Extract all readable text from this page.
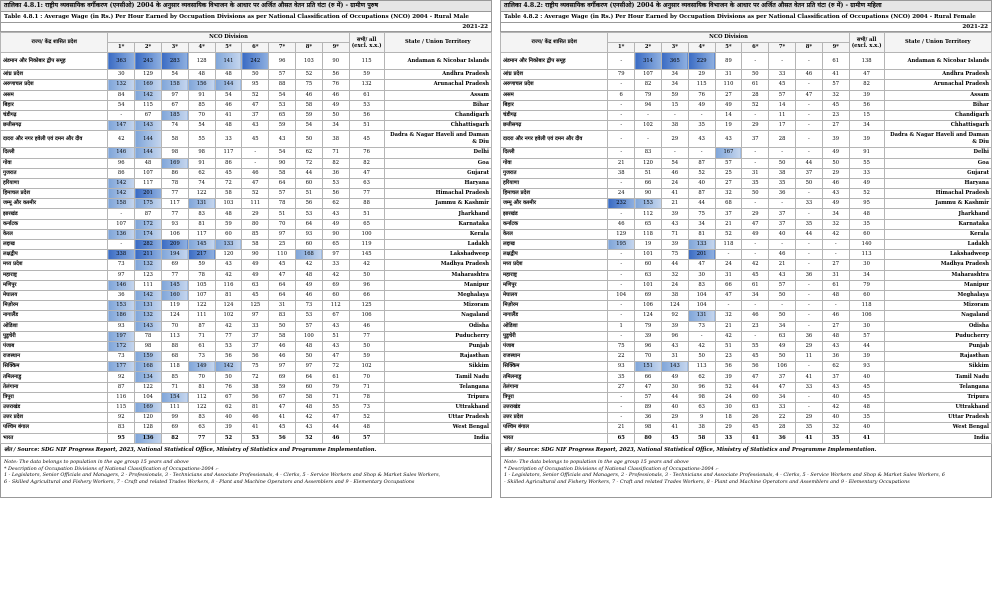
तालिका 4.8.1: राष्ट्रीय व्यवसायिक वर्गीकरण (एनसीओ) 2004 के अनुसार व्यवसायिक विभाजन के आधार पर अर्जित औसत वेतन प्रति घंटा (रु में) - ग्रामीण पुरुष
Table 4.8.1 : Average Wage (in Rs.) Per Hour Earned by Occupation Divisions as per National Classification of Occupations (NCO) 2004 - Rural Male
2021-22
राज्य/ केंद्र शासित प्रदेश	NCO Division									सभी/ all (excl. x.x.)	State / Union Territory
	1*	2*	3*	4*	5*	6*	7*	8*	9*		
अंडमान और निकोबार द्वीप समूह	363	243	283	128	141	242	96	103	90	115	Andaman & Nicobar Islands
आंध्र प्रदेश	30	129	54	48	48	50	57	52	56	59	Andhra Pradesh
अरुणाचल प्रदेश	132	169	158	156	144	95	88	75	76	132	Arunachal Pradesh
असम	84	142	97	91	54	52	54	46	46	61	Assam
बिहार	54	115	67	85	46	47	53	58	49	53	Bihar
चंडीगढ़	-	67	185	70	41	37	65	59	50	56	Chandigarh
छत्तीसगढ़	147	143	74	54	48	43	59	54	34	51	Chhattisgarh
दादरा और नगर हवेली एवं दमन और दीव	42	144	58	55	33	45	43	50	38	45	Dadra & Nagar Haveli and Daman & Diu
दिल्ली	146	144	98	98	117	-	54	62	71	76	Delhi
गोवा	96	48	169	91	86	-	90	72	82	82	Goa
गुजरात	86	107	86	62	45	46	58	44	36	47	Gujarat
हरियाणा	142	117	78	74	72	47	64	60	53	63	Haryana
हिमाचल प्रदेश	142	201	77	122	58	52	57	51	56	77	Himachal Pradesh
जम्मू और कश्मीर	158	175	117	131	103	111	78	56	62	88	Jammu & Kashmir
झारखंड	-	87	77	83	48	29	51	53	43	51	Jharkhand
कर्नाटक	107	172	93	81	59	80	70	64	49	65	Karnataka
केरल	136	174	106	117	60	85	97	93	90	100	Kerala
लद्दाख	-	282	209	145	133	58	25	60	65	119	Ladakh
लक्षद्वीप	338	211	194	217	120	90	110	168	97	145	Lakshadweep
मध्य प्रदेश	73	132	69	59	43	49	45	42	33	42	Madhya Pradesh
महाराष्ट्र	97	123	77	78	42	49	47	48	42	50	Maharashtra
मणिपुर	146	111	145	105	116	63	64	49	69	96	Manipur
मेघालय	36	142	160	107	81	45	64	46	60	66	Meghalaya
मिज़ोरम	153	131	119	122	124	125	31	73	112	125	Mizoram
नागालैंड	186	132	124	111	102	97	83	53	67	106	Nagaland
ओडिशा	93	143	70	87	42	33	50	57	43	46	Odisha
पुडुचेरी	197	78	113	71	77	37	58	100	51	77	Puducherry
पंजाब	172	98	88	61	53	37	46	48	43	50	Punjab
राजस्थान	73	159	68	73	56	56	46	50	47	59	Rajasthan
सिक्किम	177	168	118	149	142	75	97	97	72	102	Sikkim
तमिलनाडु	92	134	85	70	50	72	69	64	61	70	Tamil Nadu
तेलंगाना	87	122	71	81	76	38	59	60	79	71	Telangana
त्रिपुरा	116	104	154	112	67	56	67	58	71	78	Tripura
उत्तराखंड	115	169	111	122	62	81	47	48	55	73	Uttrakhand
उत्तर प्रदेश	92	120	99	83	40	46	41	42	47	52	Uttar Pradesh
पश्चिम बंगाल	83	128	69	63	39	41	45	43	44	48	West Bengal
भारत	95	136	82	77	52	53	56	52	46	57	India
स्रोत / Source: SDG NIF Progress Report, 2023, National Statistical Office, Ministry of Statistics and Programme Implementation.
Note: The data belongs to population in the age group 15 years and above
* Description of Occupation Divisions of National Classification of Occupations-2004 :-
1 - Legislators, Senior Officials and Managers, 2 - Professionals, 3 - Technicians and Associate Professionals, 4 - Clerks, 5 - Service Workers and Shop & Market Sales Workers,
6 - Skilled Agricultural and Fishery Workers, 7 - Craft and related Trades Workers, 8 - Plant and Machine Operators and Assemblers and 9 - Elementary Occupations
तालिका 4.8.2: राष्ट्रीय व्यवसायिक वर्गीकरण (एनसीओ) 2004 के अनुसार व्यवसायिक विभाजन के आधार पर अर्जित औसत वेतन प्रति घंटा (रु में) - ग्रामीण महिला
Table 4.8.2 : Average Wage (in Rs.) Per Hour Earned by Occupation Divisions as per National Classification of Occupations (NCO) 2004 - Rural Female
2021-22
राज्य/ केंद्र शासित प्रदेश	NCO Division									सभी/ all (excl. x.x.)	State / Union Territory
	1*	2*	3*	4*	5*	6*	7*	8*	9*		
अंडमान और निकोबार द्वीप समूह	-	314	365	229	89	-	-	-	61	138	Andaman & Nicobar Islands
आंध्र प्रदेश	79	107	34	29	31	50	33	46	41	47	Andhra Pradesh
अरुणाचल प्रदेश	-	82	34	115	110	61	45	-	57	82	Arunachal Pradesh
असम	6	79	59	76	27	28	57	47	32	39	Assam
बिहार	-	94	15	49	49	52	14	-	45	56	Bihar
चंडीगढ़	-	-	-	-	14	-	11	-	23	15	Chandigarh
छत्तीसगढ़	-	102	38	35	19	29	17	-	27	34	Chhattisgarh
दादरा और नगर हवेली एवं दमन और दीव	-	-	29	43	43	37	28	-	39	39	Dadra & Nagar Haveli and Daman & Diu
दिल्ली	-	83	-	-	167	-	-	-	49	91	Delhi
गोवा	21	120	54	87	57	-	50	44	50	55	Goa
गुजरात	38	51	46	52	25	31	38	37	29	33	Gujarat
हरियाणा	-	66	24	40	27	35	35	50	46	49	Haryana
हिमाचल प्रदेश	24	90	41	87	32	50	36	-	43	52	Himachal Pradesh
जम्मू और कश्मीर	232	153	21	44	68	-	-	33	49	95	Jammu & Kashmir
झारखंड	-	112	39	75	37	29	37	-	34	48	Jharkhand
कर्नाटक	46	65	43	34	21	47	37	35	32	35	Karnataka
केरल	129	118	71	81	52	49	40	44	42	60	Kerala
लद्दाख	195	19	39	133	118	-	-	-	-	140	Ladakh
लक्षद्वीप	-	101	75	201	-	-	46	-	-	113	Lakshadweep
मध्य प्रदेश	-	60	44	47	24	42	21	-	27	30	Madhya Pradesh
महाराष्ट्र	-	63	32	30	31	45	43	36	31	34	Maharashtra
मणिपुर	-	101	24	83	66	61	57	-	61	79	Manipur
मेघालय	104	69	38	104	47	34	50	-	48	60	Meghalaya
मिज़ोरम	-	106	124	104	-	-	-	-	-	118	Mizoram
नागालैंड	-	124	92	131	32	46	50	-	46	106	Nagaland
ओडिशा	1	79	39	73	21	23	34	-	27	30	Odisha
पुडुचेरी	-	39	96	-	42	-	63	36	48	57	Puducherry
पंजाब	75	96	43	42	51	55	49	29	43	44	Punjab
राजस्थान	22	70	31	50	23	45	50	11	36	39	Rajasthan
सिक्किम	93	151	143	113	56	56	106	-	62	93	Sikkim
तमिलनाडु	35	66	49	62	39	47	37	41	37	40	Tamil Nadu
तेलंगाना	27	47	30	96	52	44	47	33	43	45	Telangana
त्रिपुरा	-	57	44	98	24	60	34	-	40	45	Tripura
उत्तराखंड	-	89	40	63	30	63	33	-	42	48	Uttrakhand
उत्तर प्रदेश	-	36	29	9	18	26	22	29	40	35	Uttar Pradesh
पश्चिम बंगाल	21	98	41	38	29	45	28	35	32	40	West Bengal
भारत	65	80	45	58	33	41	36	41	35	41	India
स्रोत / Source: SDG NIF Progress Report, 2023, National Statistical Office, Ministry of Statistics and Programme Implementation.
Note: The data belongs to population in the age group 15 years and above
* Description of Occupation Divisions of National Classification of Occupations-2004 :-
1 - Legislators, Senior Officials and Managers, 2 - Professionals, 3 - Technicians and Associate Professionals, 4 - Clerks, 5 - Service Workers and Shop & Market Sales Workers, 6
- Skilled Agricultural and Fishery Workers, 7 - Craft and related Trades Workers, 8 - Plant and Machine Operators and Assemblers and 9 - Elementary Occupations
